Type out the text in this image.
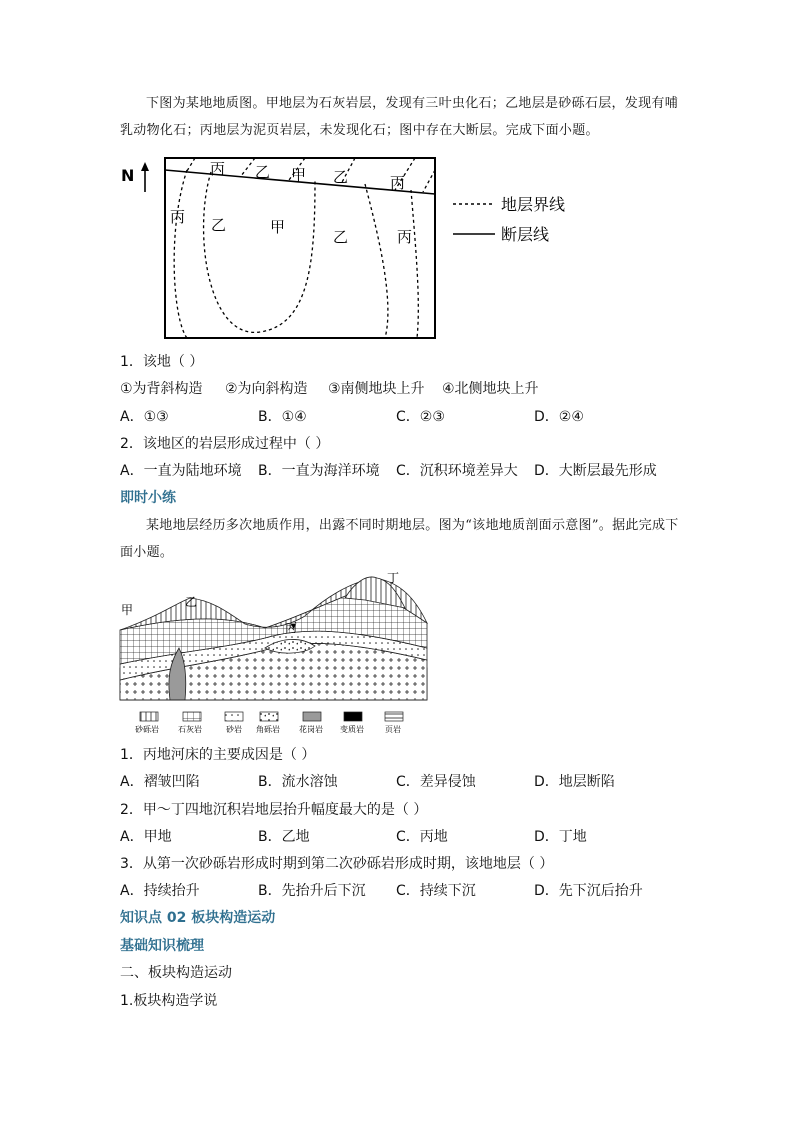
下图为某地地质图。甲地层为石灰岩层，发现有三叶虫化石；乙地层是砂砾石层，发现有哺乳动物化石；丙地层为泥页岩层，未发现化石；图中存在大断层。完成下面小题。
N	丙 乙 甲 乙	丙
丙 乙	甲
乙	丙
地层界线
断层线
1．该地（ ）
①为背斜构造 ②为向斜构造 ③南侧地块上升 ④北侧地块上升
A．①③	B．①④	C．②③	D．②④
2．该地区的岩层形成过程中（ ）
A．一直为陆地环境 B．一直为海洋环境 C．沉积环境差异大 D．大断层最先形成
即时小练
某地地层经历多次地质作用，出露不同时期地层。图为“该地地质剖面示意图”。据此完成下面小题。
甲
乙
丙
丁
砂砾岩 石灰岩	砂岩 角砾岩 花岗岩 变质岩	页岩
1．丙地河床的主要成因是（ ）
A．褶皱凹陷	B．流水溶蚀	C．差异侵蚀	D．地层断陷
2．甲～丁四地沉积岩地层抬升幅度最大的是（ ）
A．甲地	B．乙地	C．丙地	D．丁地
3．从第一次砂砾岩形成时期到第二次砂砾岩形成时期，该地地层（ ）
A．持续抬升	B．先抬升后下沉 C．持续下沉	D．先下沉后抬升
知识点 02 板块构造运动
基础知识梳理
二、板块构造运动
1.板块构造学说
